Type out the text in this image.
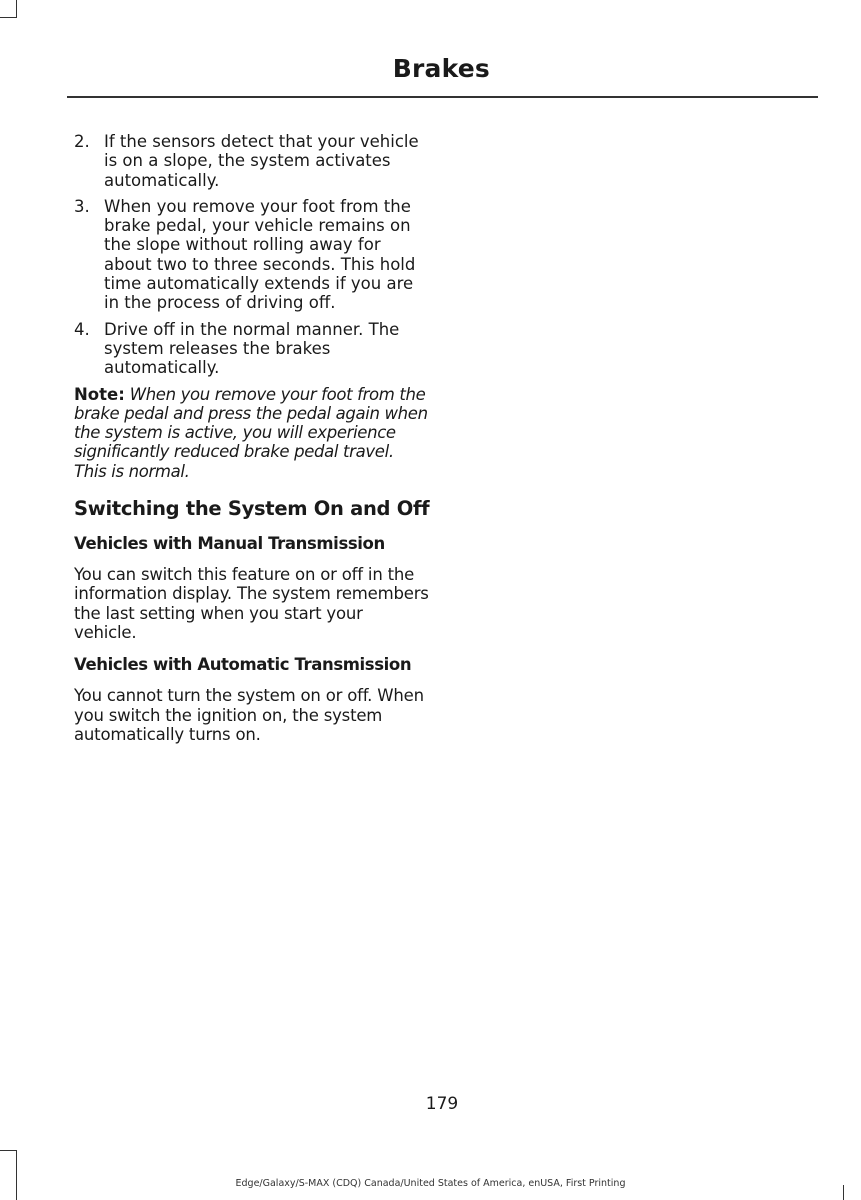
Brakes
2. If the sensors detect that your vehicle is on a slope, the system activates automatically.
3. When you remove your foot from the brake pedal, your vehicle remains on the slope without rolling away for about two to three seconds. This hold time automatically extends if you are in the process of driving off.
4. Drive off in the normal manner. The system releases the brakes automatically.
Note: When you remove your foot from the brake pedal and press the pedal again when the system is active, you will experience significantly reduced brake pedal travel. This is normal.
Switching the System On and Off
Vehicles with Manual Transmission
You can switch this feature on or off in the information display. The system remembers the last setting when you start your vehicle.
Vehicles with Automatic Transmission
You cannot turn the system on or off. When you switch the ignition on, the system automatically turns on.
179
Edge/Galaxy/S-MAX (CDQ) Canada/United States of America, enUSA, First Printing
